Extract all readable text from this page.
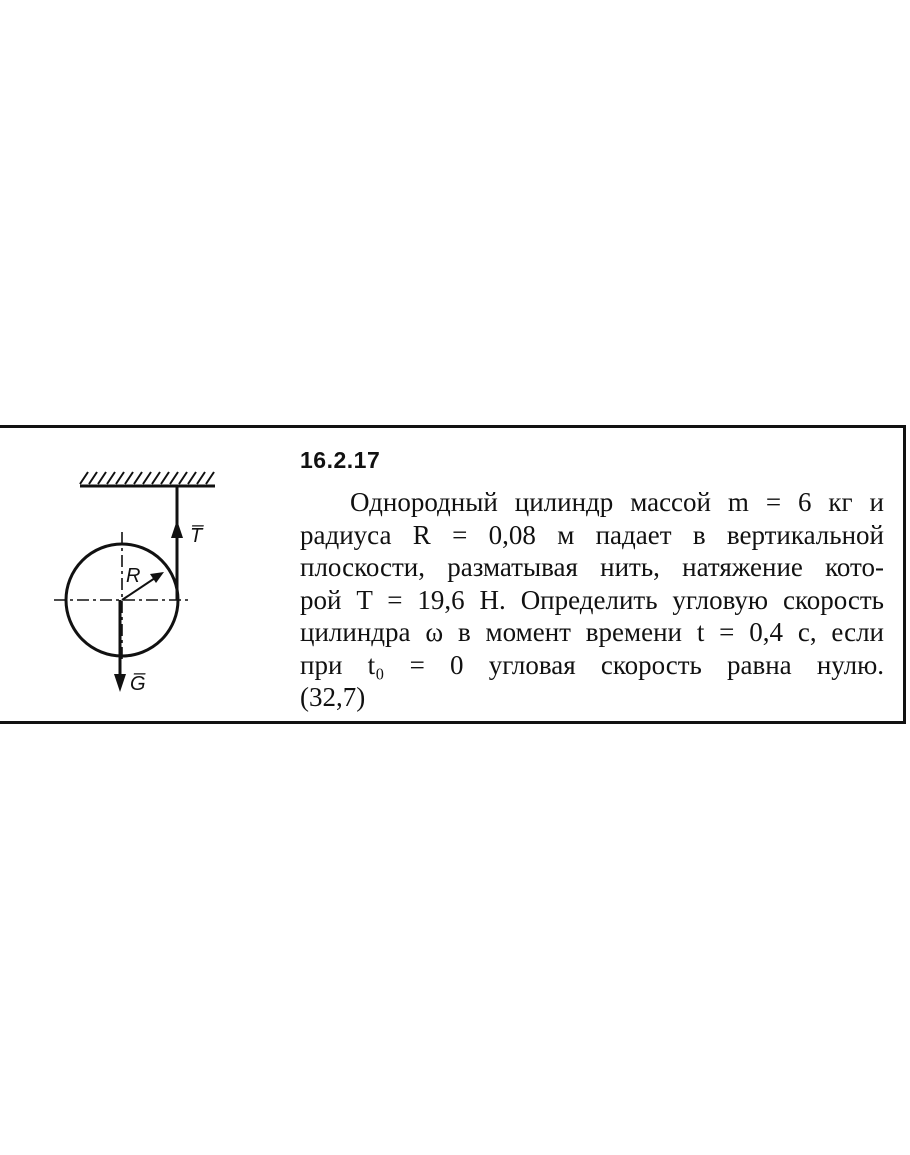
R
T̅
G̅
16.2.17
Однородный цилиндр массой m = 6 кг и
радиуса R = 0,08 м падает в вертикальной
плоскости, разматывая нить, натяжение кото-
рой T = 19,6 Н. Определить угловую скорость
цилиндра ω в момент времени t = 0,4 с, если
при t₀ = 0 угловая скорость равна нулю.
(32,7)
